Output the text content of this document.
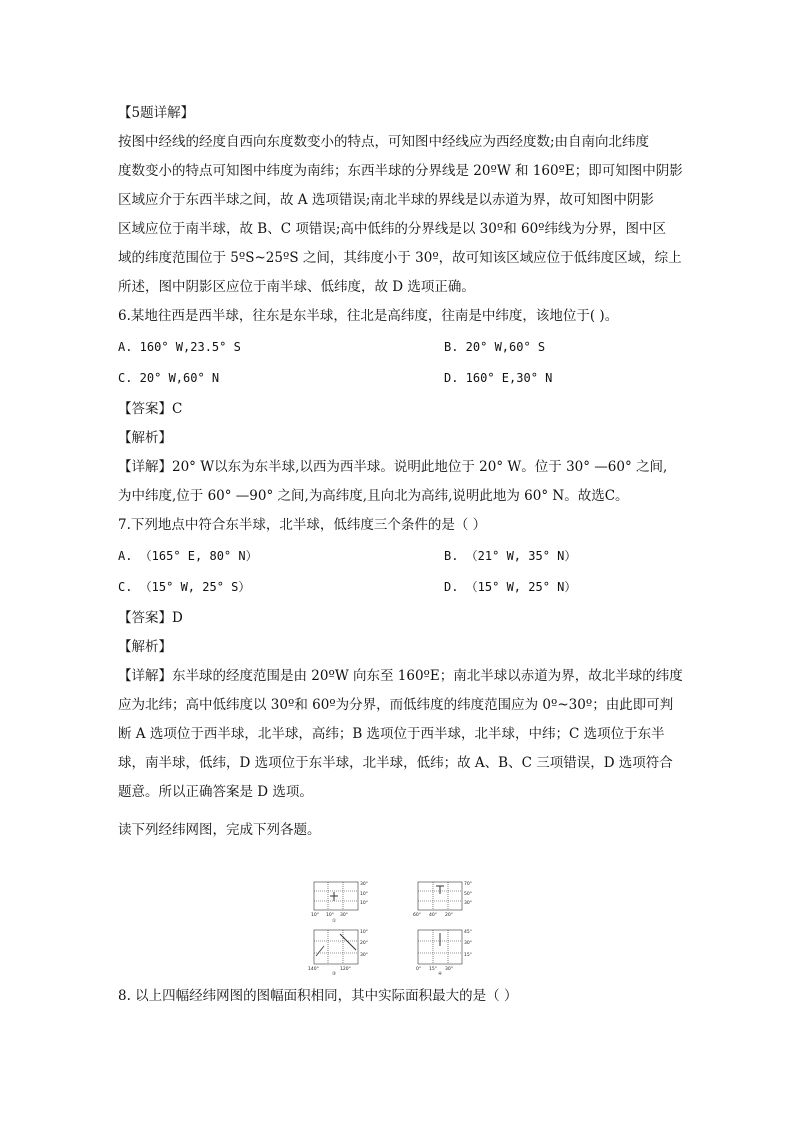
【5题详解】
按图中经线的经度自西向东度数变小的特点，可知图中经线应为西经度数;由自南向北纬度
度数变小的特点可知图中纬度为南纬；东西半球的分界线是 20ºW 和 160ºE；即可知图中阴影
区域应介于东西半球之间，故 A 选项错误;南北半球的界线是以赤道为界，故可知图中阴影
区域应位于南半球，故 B、C 项错误;高中低纬的分界线是以 30º和 60º纬线为分界，图中区
域的纬度范围位于 5ºS~25ºS 之间，其纬度小于 30º，故可知该区域应位于低纬度区域，综上
所述，图中阴影区应位于南半球、低纬度，故 D 选项正确。
6.某地往西是西半球，往东是东半球，往北是高纬度，往南是中纬度，该地位于( )。
A. 160° W,23.5° S	B. 20° W,60° S
C. 20° W,60° N	D. 160° E,30° N
【答案】C
【解析】
【详解】20° W以东为东半球,以西为西半球。说明此地位于 20° W。位于 30° —60° 之间,
为中纬度,位于 60° —90° 之间,为高纬度,且向北为高纬,说明此地为 60° N。故选C。
7.下列地点中符合东半球，北半球，低纬度三个条件的是（ ）
A. （165° E, 80° N）	B. （21° W, 35° N）
C. （15° W, 25° S）	D. （15° W, 25° N）
【答案】D
【解析】
【详解】东半球的经度范围是由 20ºW 向东至 160ºE；南北半球以赤道为界，故北半球的纬度
应为北纬；高中低纬度以 30º和 60º为分界，而低纬度的纬度范围应为 0º~30º；由此即可判
断 A 选项位于西半球，北半球，高纬；B 选项位于西半球，北半球，中纬；C 选项位于东半
球，南半球，低纬，D 选项位于东半球，北半球，低纬；故 A、B、C 三项错误，D 选项符合
题意。所以正确答案是 D 选项。
读下列经纬网图，完成下列各题。
30°
10°
10°
10° 10° 30°
①
70°
50°
30°
60° 40° 20°
10°
20°
30°
140°	120°
③
45°
30°
15°
0° 15° 30°
④
8. 以上四幅经纬网图的图幅面积相同，其中实际面积最大的是（ ）
